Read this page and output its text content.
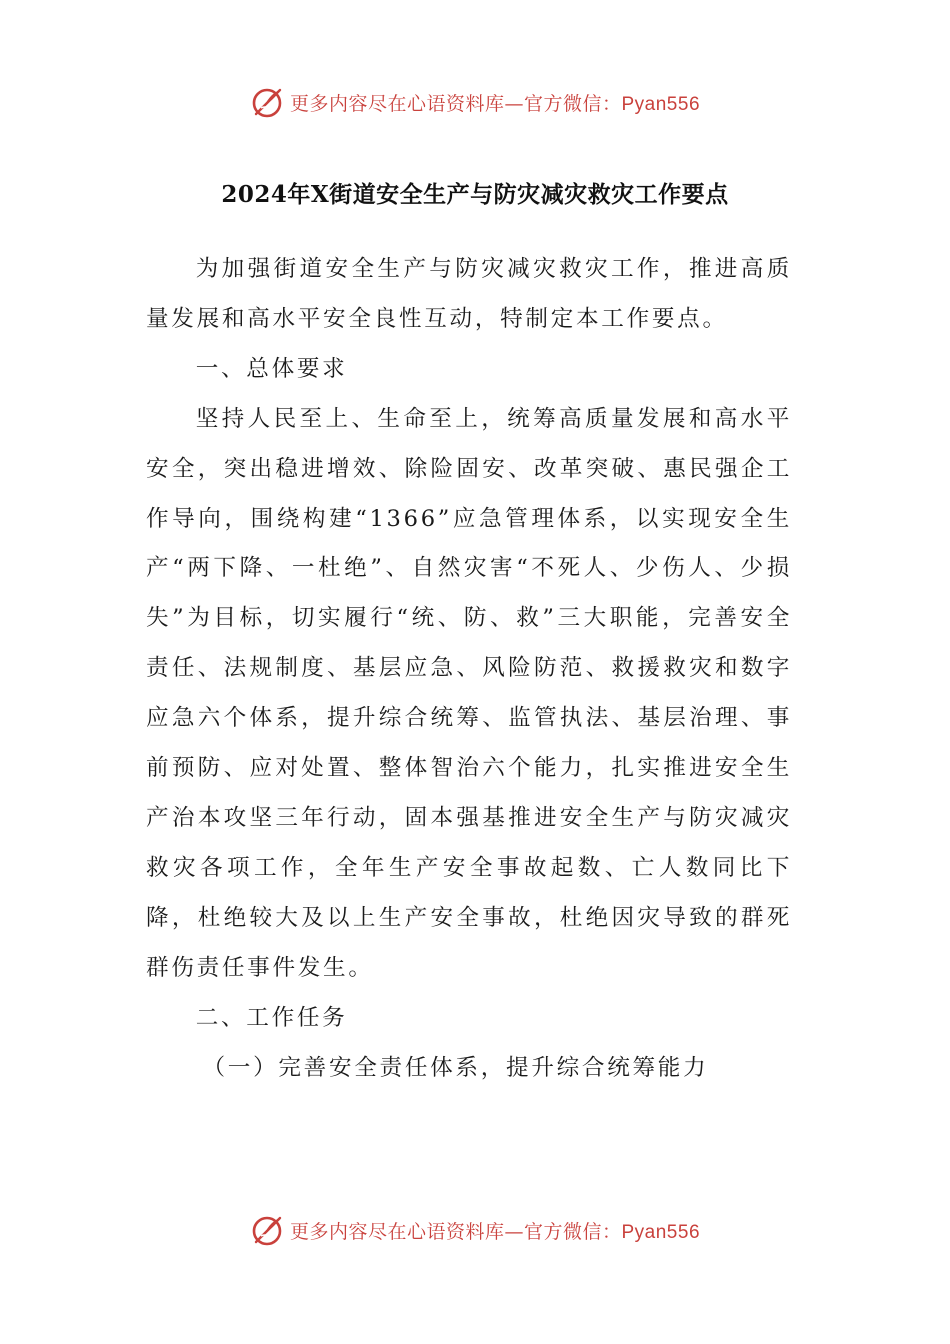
更多内容尽在心语资料库—官方微信：Pyan556
2024年X街道安全生产与防灾减灾救灾工作要点

为加强街道安全生产与防灾减灾救灾工作，推进高质量发展和高水平安全良性互动，特制定本工作要点。

一、总体要求

坚持人民至上、生命至上，统筹高质量发展和高水平安全，突出稳进增效、除险固安、改革突破、惠民强企工作导向，围绕构建“1366”应急管理体系，以实现安全生产“两下降、一杜绝”、自然灾害“不死人、少伤人、少损失”为目标，切实履行“统、防、救”三大职能，完善安全责任、法规制度、基层应急、风险防范、救援救灾和数字应急六个体系，提升综合统筹、监管执法、基层治理、事前预防、应对处置、整体智治六个能力，扎实推进安全生产治本攻坚三年行动，固本强基推进安全生产与防灾减灾救灾各项工作，全年生产安全事故起数、亡人数同比下降，杜绝较大及以上生产安全事故，杜绝因灾导致的群死群伤责任事件发生。

二、工作任务

（一）完善安全责任体系，提升综合统筹能力

更多内容尽在心语资料库—官方微信：Pyan556
